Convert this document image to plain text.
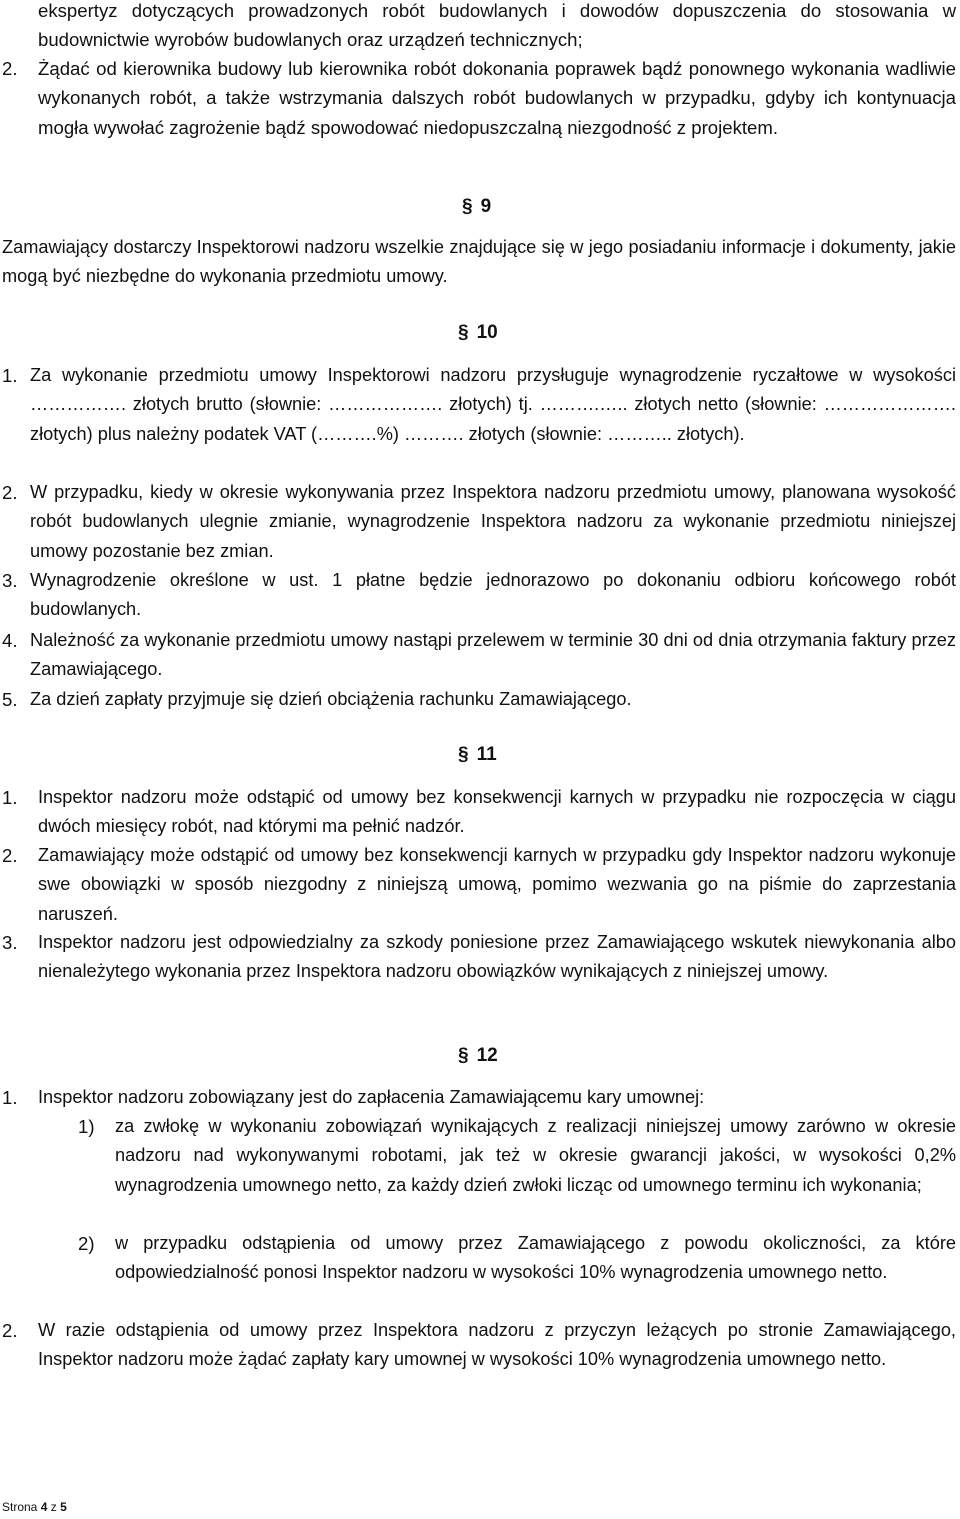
ekspertyz dotyczących prowadzonych robót budowlanych i dowodów dopuszczenia do stosowania w budownictwie wyrobów budowlanych oraz urządzeń technicznych;

2. Żądać od kierownika budowy lub kierownika robót dokonania poprawek bądź ponownego wykonania wadliwie wykonanych robót, a także wstrzymania dalszych robót budowlanych w przypadku, gdyby ich kontynuacja mogła wywołać zagrożenie bądź spowodować niedopuszczalną niezgodność z projektem.

§ 9

Zamawiający dostarczy Inspektorowi nadzoru wszelkie znajdujące się w jego posiadaniu informacje i dokumenty, jakie mogą być niezbędne do wykonania przedmiotu umowy.

§ 10
1. Za wykonanie przedmiotu umowy Inspektorowi nadzoru przysługuje wynagrodzenie ryczałtowe w wysokości ……………. złotych brutto (słownie: ………………. złotych) tj. ……….….. złotych netto (słownie: …………………. złotych) plus należny podatek VAT (……….%) ………. złotych (słownie: ……….. złotych).

2. W przypadku, kiedy w okresie wykonywania przez Inspektora nadzoru przedmiotu umowy, planowana wysokość robót budowlanych ulegnie zmianie, wynagrodzenie Inspektora nadzoru za wykonanie przedmiotu niniejszej umowy pozostanie bez zmian.

3. Wynagrodzenie określone w ust. 1 płatne będzie jednorazowo po dokonaniu odbioru końcowego robót budowlanych.

4. Należność za wykonanie przedmiotu umowy nastąpi przelewem w terminie 30 dni od dnia otrzymania faktury przez Zamawiającego.

5. Za dzień zapłaty przyjmuje się dzień obciążenia rachunku Zamawiającego.

§ 11
1. Inspektor nadzoru może odstąpić od umowy bez konsekwencji karnych w przypadku nie rozpoczęcia w ciągu dwóch miesięcy robót, nad którymi ma pełnić nadzór.

2. Zamawiający może odstąpić od umowy bez konsekwencji karnych w przypadku gdy Inspektor nadzoru wykonuje swe obowiązki w sposób niezgodny z niniejszą umową, pomimo wezwania go na piśmie do zaprzestania naruszeń.

3. Inspektor nadzoru jest odpowiedzialny za szkody poniesione przez Zamawiającego wskutek niewykonania albo nienależytego wykonania przez Inspektora nadzoru obowiązków wynikających z niniejszej umowy.

§ 12
1. Inspektor nadzoru zobowiązany jest do zapłacenia Zamawiającemu kary umownej:

1) za zwłokę w wykonaniu zobowiązań wynikających z realizacji niniejszej umowy zarówno w okresie nadzoru nad wykonywanymi robotami, jak też w okresie gwarancji jakości, w wysokości 0,2% wynagrodzenia umownego netto, za każdy dzień zwłoki licząc od umownego terminu ich wykonania;

2) w przypadku odstąpienia od umowy przez Zamawiającego z powodu okoliczności, za które odpowiedzialność ponosi Inspektor nadzoru w wysokości 10% wynagrodzenia umownego netto.

2. W razie odstąpienia od umowy przez Inspektora nadzoru z przyczyn leżących po stronie Zamawiającego, Inspektor nadzoru może żądać zapłaty kary umownej w wysokości 10% wynagrodzenia umownego netto.

Strona 4 z 5
